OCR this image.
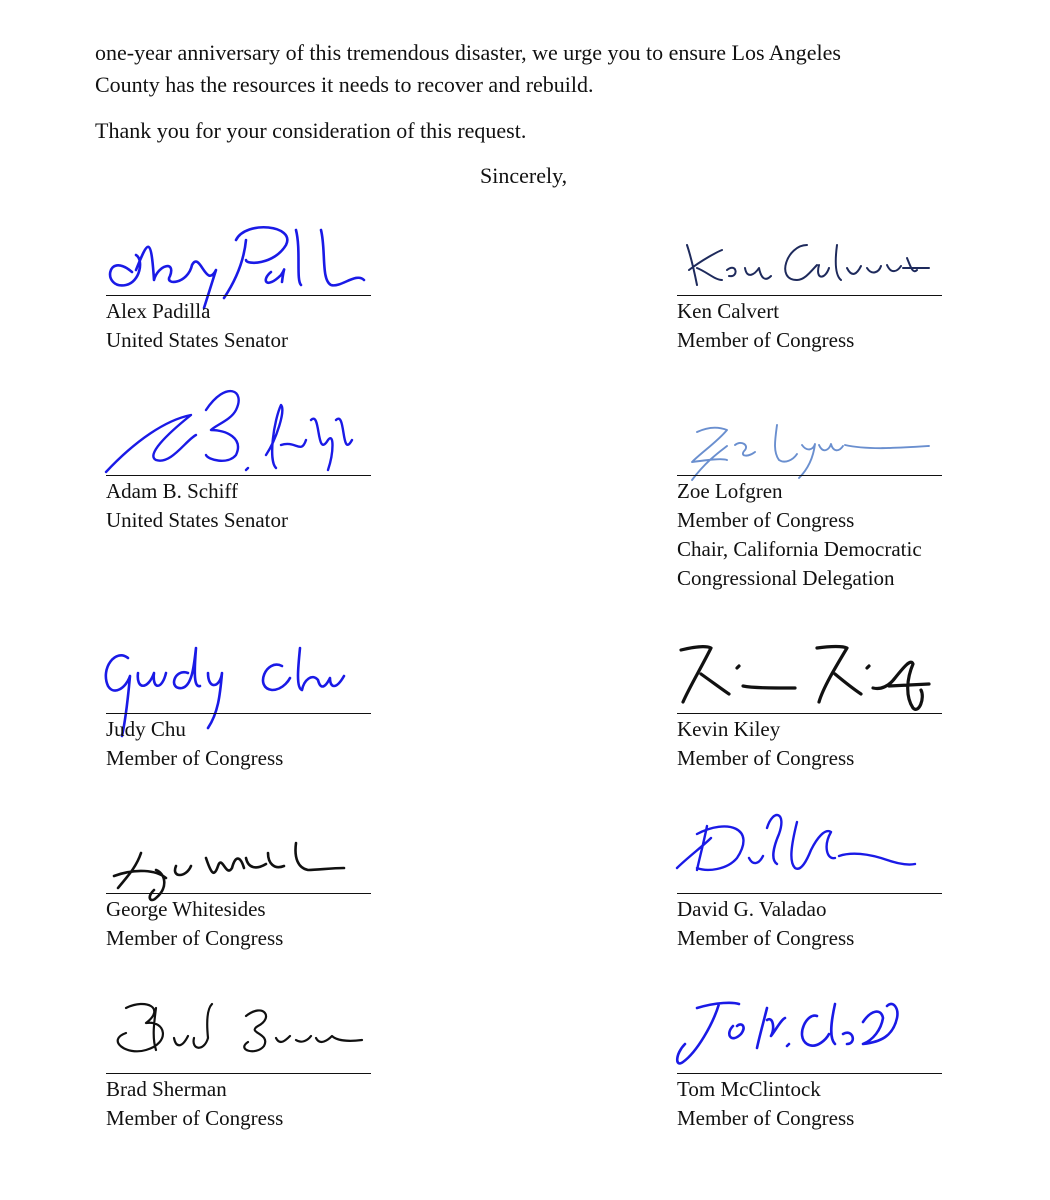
one-year anniversary of this tremendous disaster, we urge you to ensure Los Angeles

County has the resources it needs to recover and rebuild.

Thank you for your consideration of this request.

Sincerely,

Alex Padilla
United States Senator
Adam B. Schiff
United States Senator
Judy Chu
Member of Congress
George Whitesides
Member of Congress
Brad Sherman
Member of Congress
Ken Calvert
Member of Congress
Zoe Lofgren
Member of Congress
Chair, California Democratic
Congressional Delegation
Kevin Kiley
Member of Congress
David G. Valadao
Member of Congress
Tom McClintock
Member of Congress
